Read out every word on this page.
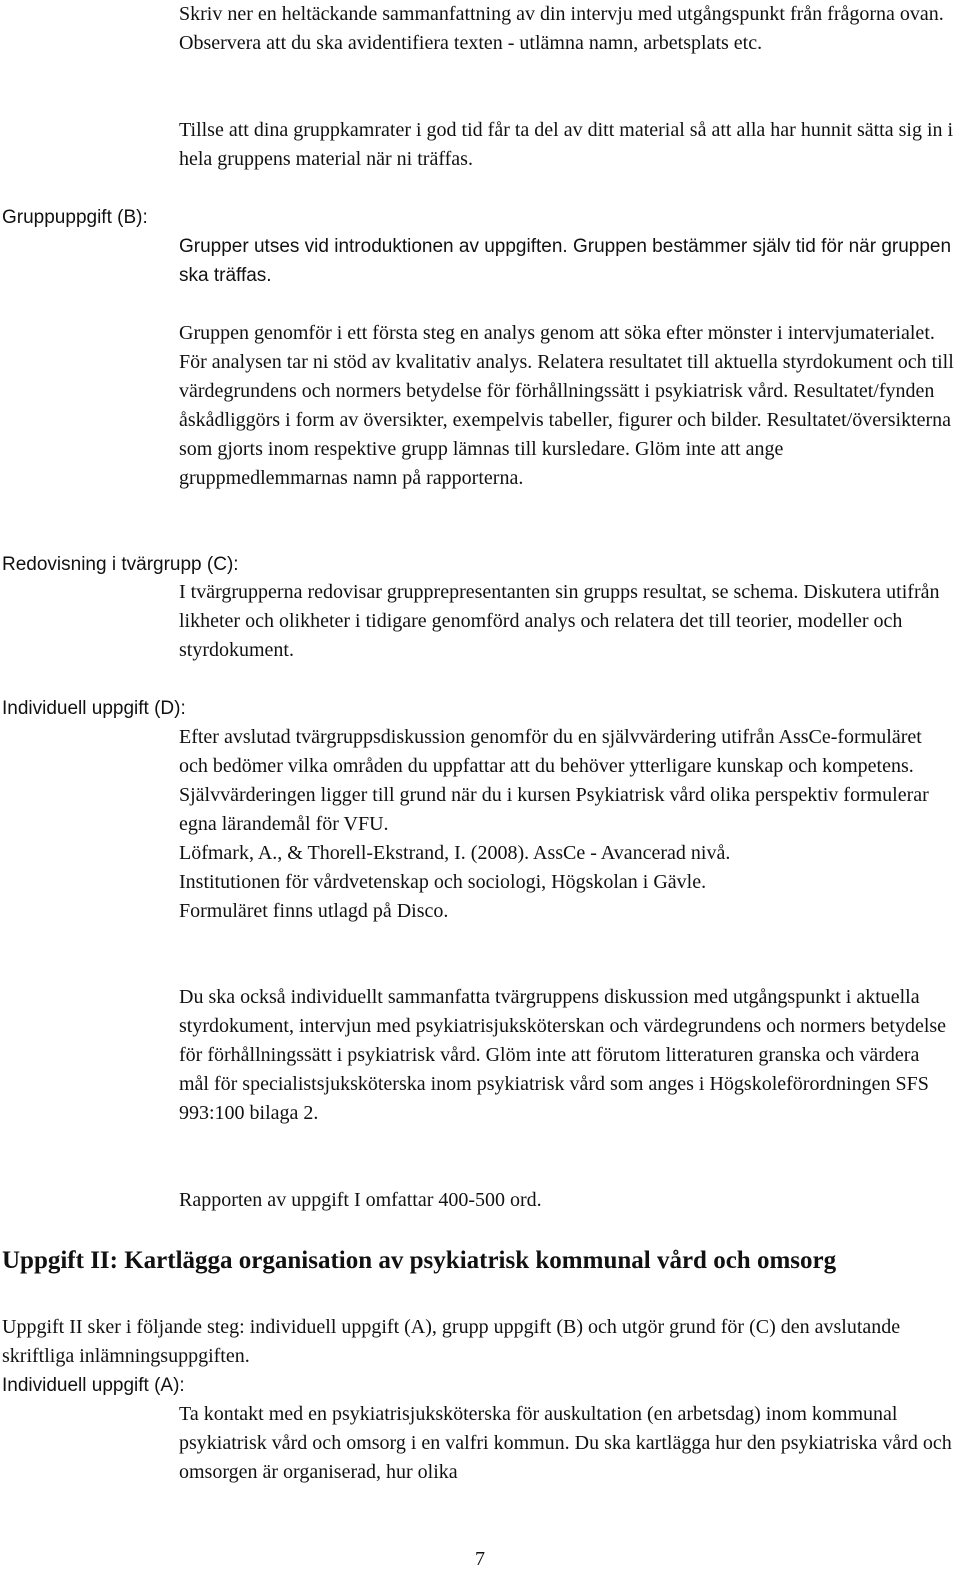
Skriv ner en heltäckande sammanfattning av din intervju med utgångspunkt från frågorna ovan. Observera att du ska avidentifiera texten - utlämna namn, arbetsplats etc.

Tillse att dina gruppkamrater i god tid får ta del av ditt material så att alla har hunnit sätta sig in i hela gruppens material när ni träffas.

Gruppuppgift (B):

Grupper utses vid introduktionen av uppgiften. Gruppen bestämmer själv tid för när gruppen ska träffas.

Gruppen genomför i ett första steg en analys genom att söka efter mönster i intervjumaterialet. För analysen tar ni stöd av kvalitativ analys. Relatera resultatet till aktuella styrdokument och till värdegrundens och normers betydelse för förhållningssätt i psykiatrisk vård. Resultatet/fynden åskådliggörs i form av översikter, exempelvis tabeller, figurer och bilder. Resultatet/översikterna som gjorts inom respektive grupp lämnas till kursledare. Glöm inte att ange gruppmedlemmarnas namn på rapporterna.

Redovisning i tvärgrupp (C):

I tvärgrupperna redovisar grupprepresentanten sin grupps resultat, se schema. Diskutera utifrån likheter och olikheter i tidigare genomförd analys och relatera det till teorier, modeller och styrdokument.

Individuell uppgift (D):

Efter avslutad tvärgruppsdiskussion genomför du en självvärdering utifrån AssCe-formuläret och bedömer vilka områden du uppfattar att du behöver ytterligare kunskap och kompetens. Självvärderingen ligger till grund när du i kursen Psykiatrisk vård olika perspektiv formulerar egna lärandemål för VFU.

Löfmark, A., & Thorell-Ekstrand, I. (2008). AssCe - Avancerad nivå.

Institutionen för vårdvetenskap och sociologi, Högskolan i Gävle.

Formuläret finns utlagd på Disco.

Du ska också individuellt sammanfatta tvärgruppens diskussion med utgångspunkt i aktuella styrdokument, intervjun med psykiatrisjuksköterskan och värdegrundens och normers betydelse för förhållningssätt i psykiatrisk vård. Glöm inte att förutom litteraturen granska och värdera mål för specialistsjuksköterska inom psykiatrisk vård som anges i Högskoleförordningen SFS 993:100 bilaga 2.

Rapporten av uppgift I omfattar 400-500 ord.

Uppgift II: Kartlägga organisation av psykiatrisk kommunal vård och omsorg

Uppgift II sker i följande steg: individuell uppgift (A), grupp uppgift (B) och utgör grund för (C) den avslutande skriftliga inlämningsuppgiften.

Individuell uppgift (A):

Ta kontakt med en psykiatrisjuksköterska för auskultation (en arbetsdag) inom kommunal psykiatrisk vård och omsorg i en valfri kommun. Du ska kartlägga hur den psykiatriska vård och omsorgen är organiserad, hur olika

7
